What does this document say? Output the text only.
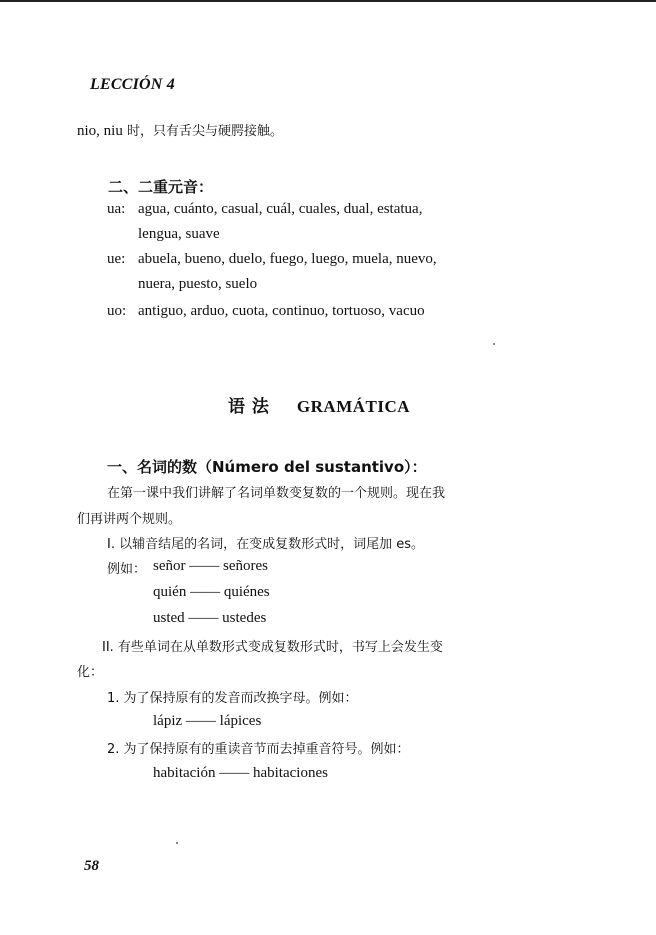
LECCIÓN 4
nio, niu 时，只有舌尖与硬腭接触。
二、二重元音：
ua: agua, cuánto, casual, cuál, cuales, dual, estatua,
lengua, suave
ue: abuela, bueno, duelo, fuego, luego, muela, nuevo,
nuera, puesto, suelo
uo: antiguo, arduo, cuota, continuo, tortuoso, vacuo
语 法 GRAMÁTICA
一、名词的数（Número del sustantivo）：
在第一课中我们讲解了名词单数变复数的一个规则。现在我
们再讲两个规则。
I. 以辅音结尾的名词，在变成复数形式时，词尾加 es。
例如： señor —— señores
quién —— quiénes
usted —— ustedes
II. 有些单词在从单数形式变成复数形式时，书写上会发生变
化：
1. 为了保持原有的发音而改换字母。例如：
lápiz —— lápices
2. 为了保持原有的重读音节而去掉重音符号。例如：
habitación —— habitaciones
58
